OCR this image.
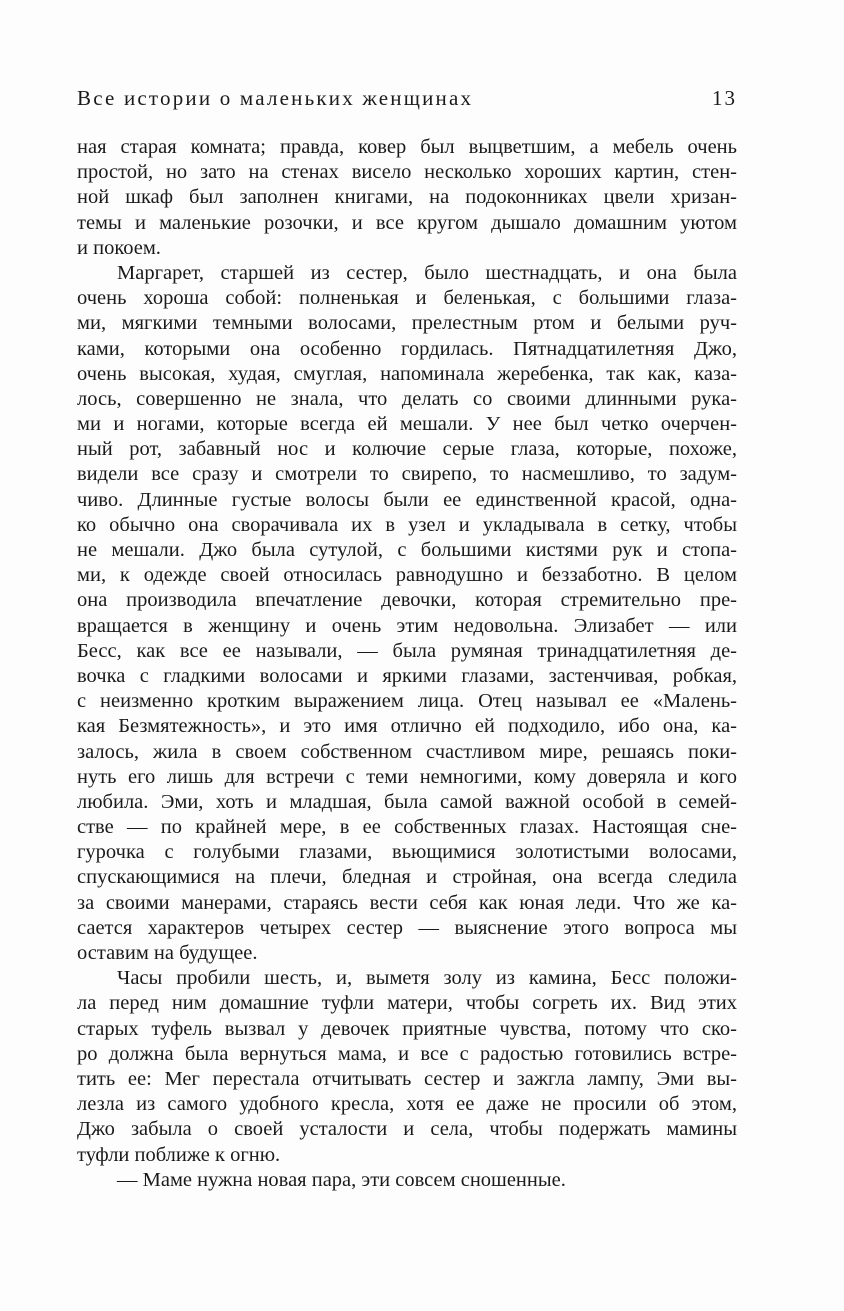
Все истории о маленьких женщинах	13
ная старая комната; правда, ковер был выцветшим, а мебель очень
простой, но зато на стенах висело несколько хороших картин, стен-
ной шкаф был заполнен книгами, на подоконниках цвели хризан-
темы и маленькие розочки, и все кругом дышало домашним уютом
и покоем.
Маргарет, старшей из сестер, было шестнадцать, и она была
очень хороша собой: полненькая и беленькая, с большими глаза-
ми, мягкими темными волосами, прелестным ртом и белыми руч-
ками, которыми она особенно гордилась. Пятнадцатилетняя Джо,
очень высокая, худая, смуглая, напоминала жеребенка, так как, каза-
лось, совершенно не знала, что делать со своими длинными рука-
ми и ногами, которые всегда ей мешали. У нее был четко очерчен-
ный рот, забавный нос и колючие серые глаза, которые, похоже,
видели все сразу и смотрели то свирепо, то насмешливо, то задум-
чиво. Длинные густые волосы были ее единственной красой, одна-
ко обычно она сворачивала их в узел и укладывала в сетку, чтобы
не мешали. Джо была сутулой, с большими кистями рук и стопа-
ми, к одежде своей относилась равнодушно и беззаботно. В целом
она производила впечатление девочки, которая стремительно пре-
вращается в женщину и очень этим недовольна. Элизабет — или
Бесс, как все ее называли, — была румяная тринадцатилетняя де-
вочка с гладкими волосами и яркими глазами, застенчивая, робкая,
с неизменно кротким выражением лица. Отец называл ее «Малень-
кая Безмятежность», и это имя отлично ей подходило, ибо она, ка-
залось, жила в своем собственном счастливом мире, решаясь поки-
нуть его лишь для встречи с теми немногими, кому доверяла и кого
любила. Эми, хоть и младшая, была самой важной особой в семей-
стве — по крайней мере, в ее собственных глазах. Настоящая сне-
гурочка с голубыми глазами, вьющимися золотистыми волосами,
спускающимися на плечи, бледная и стройная, она всегда следила
за своими манерами, стараясь вести себя как юная леди. Что же ка-
сается характеров четырех сестер — выяснение этого вопроса мы
оставим на будущее.
Часы пробили шесть, и, выметя золу из камина, Бесс положи-
ла перед ним домашние туфли матери, чтобы согреть их. Вид этих
старых туфель вызвал у девочек приятные чувства, потому что ско-
ро должна была вернуться мама, и все с радостью готовились встре-
тить ее: Мег перестала отчитывать сестер и зажгла лампу, Эми вы-
лезла из самого удобного кресла, хотя ее даже не просили об этом,
Джо забыла о своей усталости и села, чтобы подержать мамины
туфли поближе к огню.
— Маме нужна новая пара, эти совсем сношенные.
